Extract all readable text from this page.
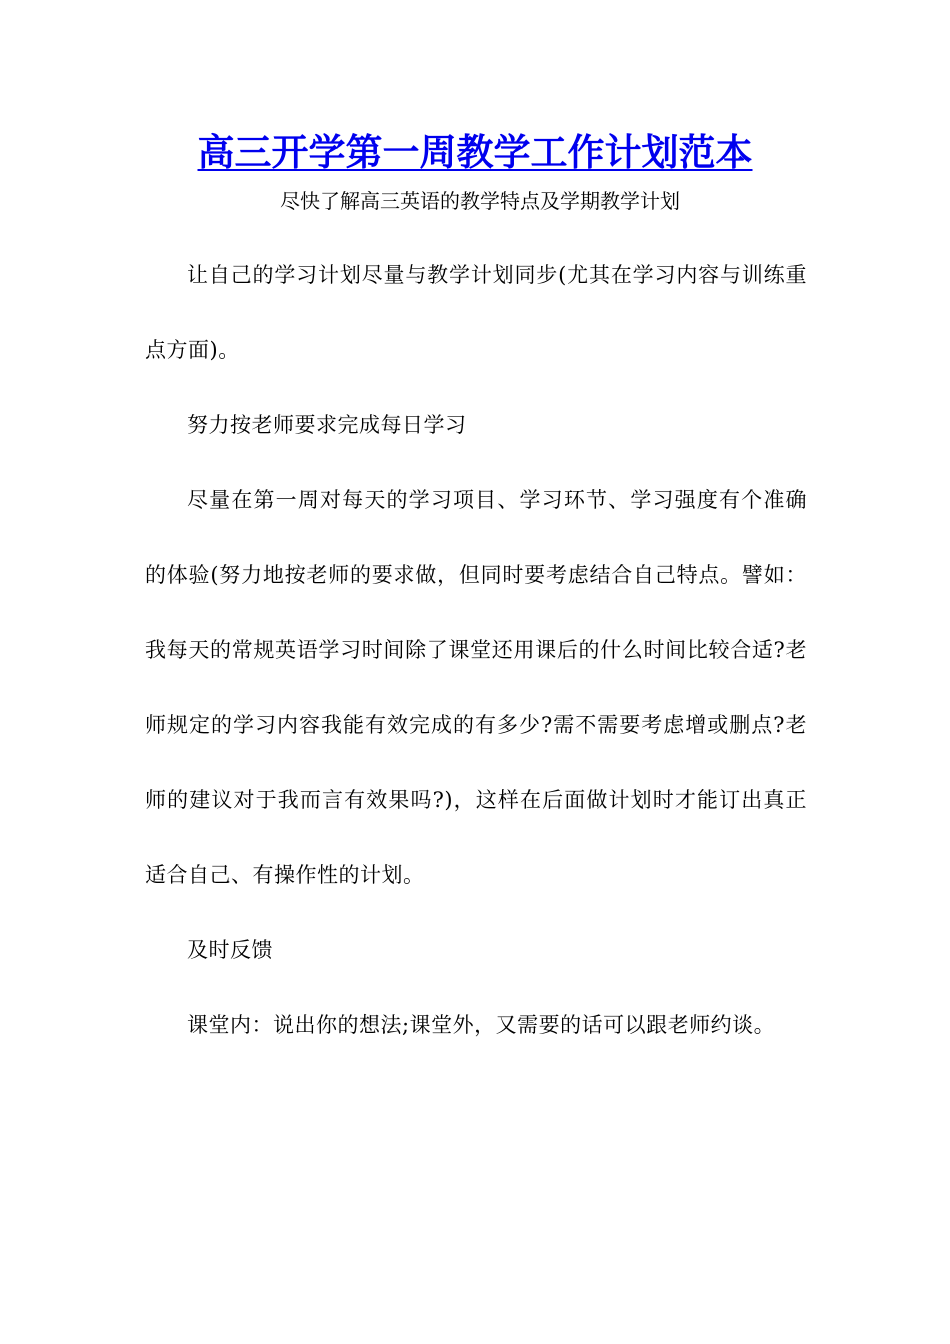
高三开学第一周教学工作计划范本

尽快了解高三英语的教学特点及学期教学计划

让自己的学习计划尽量与教学计划同步(尤其在学习内容与训练重点方面)。

努力按老师要求完成每日学习

尽量在第一周对每天的学习项目、学习环节、学习强度有个准确的体验(努力地按老师的要求做，但同时要考虑结合自己特点。譬如：我每天的常规英语学习时间除了课堂还用课后的什么时间比较合适?老师规定的学习内容我能有效完成的有多少?需不需要考虑增或删点?老师的建议对于我而言有效果吗?)，这样在后面做计划时才能订出真正适合自己、有操作性的计划。

及时反馈

课堂内：说出你的想法;课堂外，又需要的话可以跟老师约谈。
